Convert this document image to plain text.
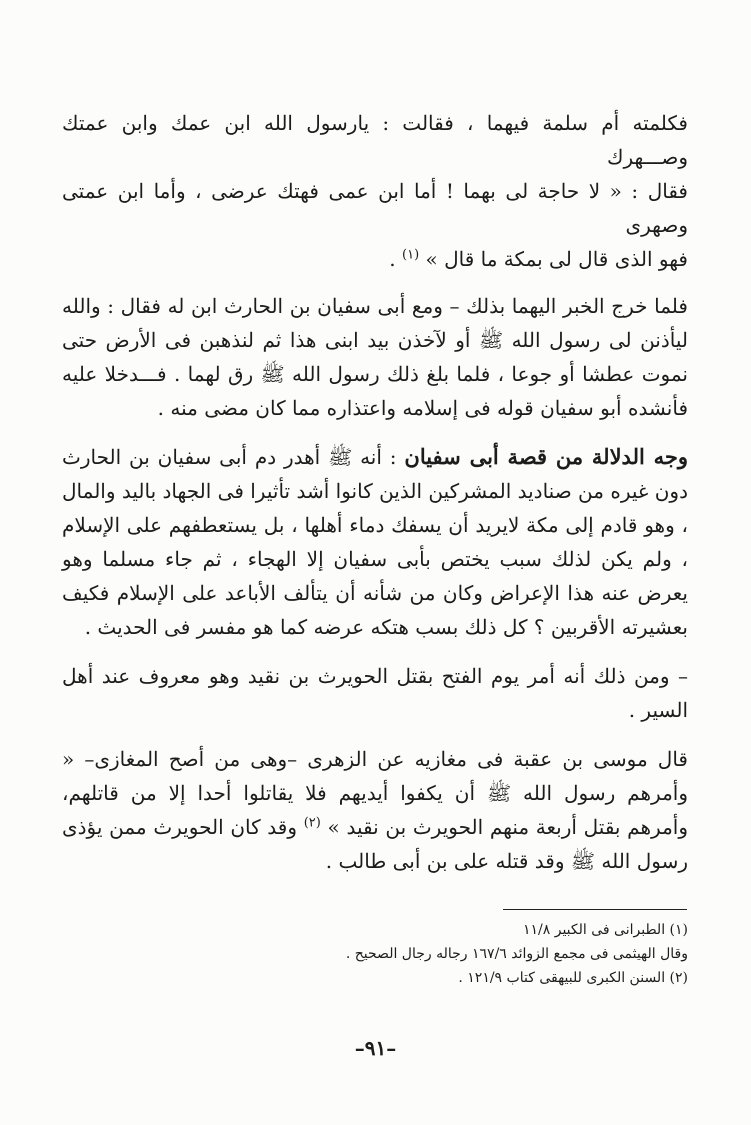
فكلمته أم سلمة فيهما ، فقالت : يارسول الله ابن عمك وابن عمتك وصـــهرك
فقال : « لا حاجة لى بهما ! أما ابن عمى فهتك عرضى ، وأما ابن عمتى وصهرى
فهو الذى قال لى بمكة ما قال » $^{(١)}$ .

فلما خرج الخبر اليهما بذلك – ومع أبى سفيان بن الحارث ابن له فقال : والله ليأذنن لى رسول الله ﷺ أو لآخذن بيد ابنى هذا ثم لنذهبن فى الأرض حتى نموت عطشا أو جوعا ، فلما بلغ ذلك رسول الله ﷺ رق لهما . فـــدخلا عليه فأنشده أبو سفيان قوله فى إسلامه واعتذاره مما كان مضى منه .

وجه الدلالة من قصة أبى سفيان : أنه ﷺ أهدر دم أبى سفيان بن الحارث دون غيره من صناديد المشركين الذين كانوا أشد تأثيرا فى الجهاد باليد والمال ، وهو قادم إلى مكة لايريد أن يسفك دماء أهلها ، بل يستعطفهم على الإسلام ، ولم يكن لذلك سبب يختص بأبى سفيان إلا الهجاء ، ثم جاء مسلما وهو يعرض عنه هذا الإعراض وكان من شأنه أن يتألف الأباعد على الإسلام فكيف بعشيرته الأقربين ؟ كل ذلك بسب هتكه عرضه كما هو مفسر فى الحديث .

– ومن ذلك أنه أمر يوم الفتح بقتل الحويرث بن نقيد وهو معروف عند أهل السير .

قال موسى بن عقبة فى مغازيه عن الزهرى –وهى من أصح المغازى– « وأمرهم رسول الله ﷺ أن يكفوا أيديهم فلا يقاتلوا أحدا إلا من قاتلهم، وأمرهم بقتل أربعة منهم الحويرث بن نقيد » $^{(٢)}$ وقد كان الحويرث ممن يؤذى رسول الله ﷺ وقد قتله على بن أبى طالب .

(١) الطبرانى فى الكبير ١١/٨

وقال الهيثمى فى مجمع الزوائد ١٦٧/٦ رجاله رجال الصحيح .

(٢) السنن الكبرى للبيهقى كتاب ١٢١/٩ .

–٩١–
